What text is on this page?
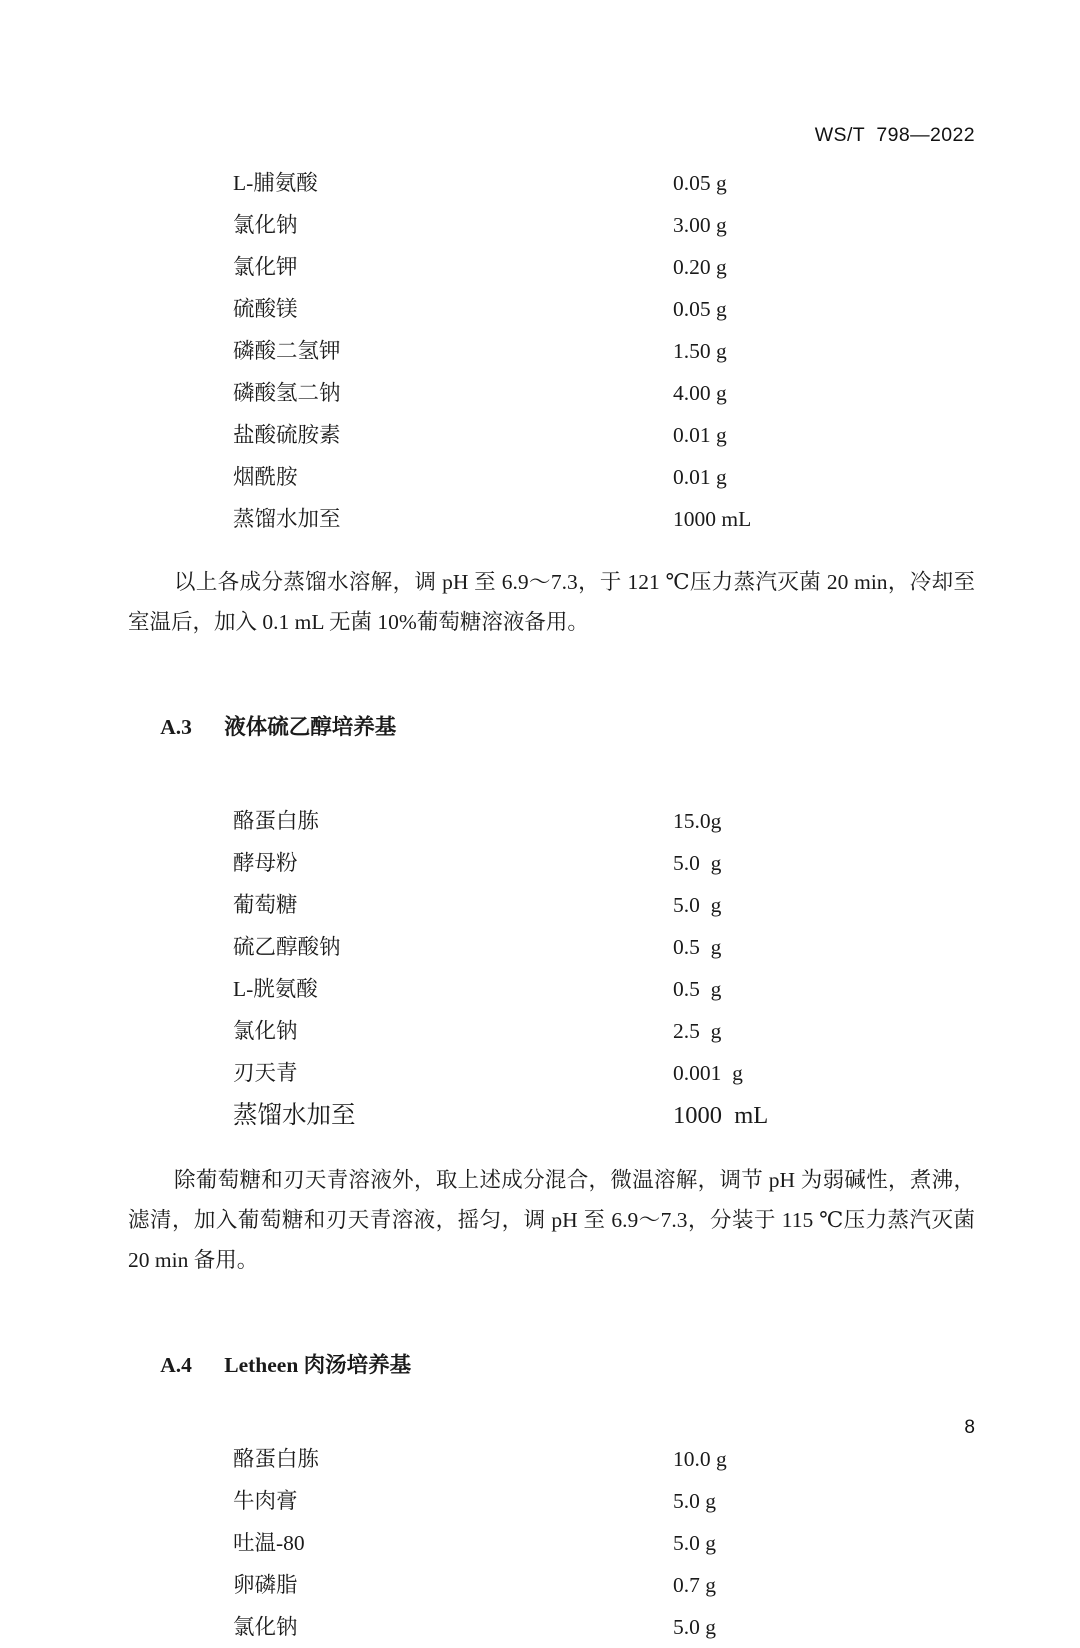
WS/T  798—2022
L-脯氨酸	0.05 g
氯化钠	3.00 g
氯化钾	0.20 g
硫酸镁	0.05 g
磷酸二氢钾	1.50 g
磷酸氢二钠	4.00 g
盐酸硫胺素	0.01 g
烟酰胺	0.01 g
蒸馏水加至	1000 mL

以上各成分蒸馏水溶解，调 pH 至 6.9～7.3，于 121 ℃压力蒸汽灭菌 20 min，冷却至室温后，加入 0.1 mL 无菌 10%葡萄糖溶液备用。

A.3 液体硫乙醇培养基

酪蛋白胨	15.0g
酵母粉	5.0  g
葡萄糖	5.0  g
硫乙醇酸钠	0.5  g
L-胱氨酸	0.5  g
氯化钠	2.5  g
刃天青	0.001  g
蒸馏水加至	1000  mL

除葡萄糖和刃天青溶液外，取上述成分混合，微温溶解，调节 pH 为弱碱性，煮沸，滤清，加入葡萄糖和刃天青溶液，摇匀，调 pH 至 6.9～7.3，分装于 115 ℃压力蒸汽灭菌 20 min 备用。

A.4 Letheen 肉汤培养基

酪蛋白胨	10.0 g
牛肉膏	5.0 g
吐温-80	5.0 g
卵磷脂	0.7 g
氯化钠	5.0 g
8
